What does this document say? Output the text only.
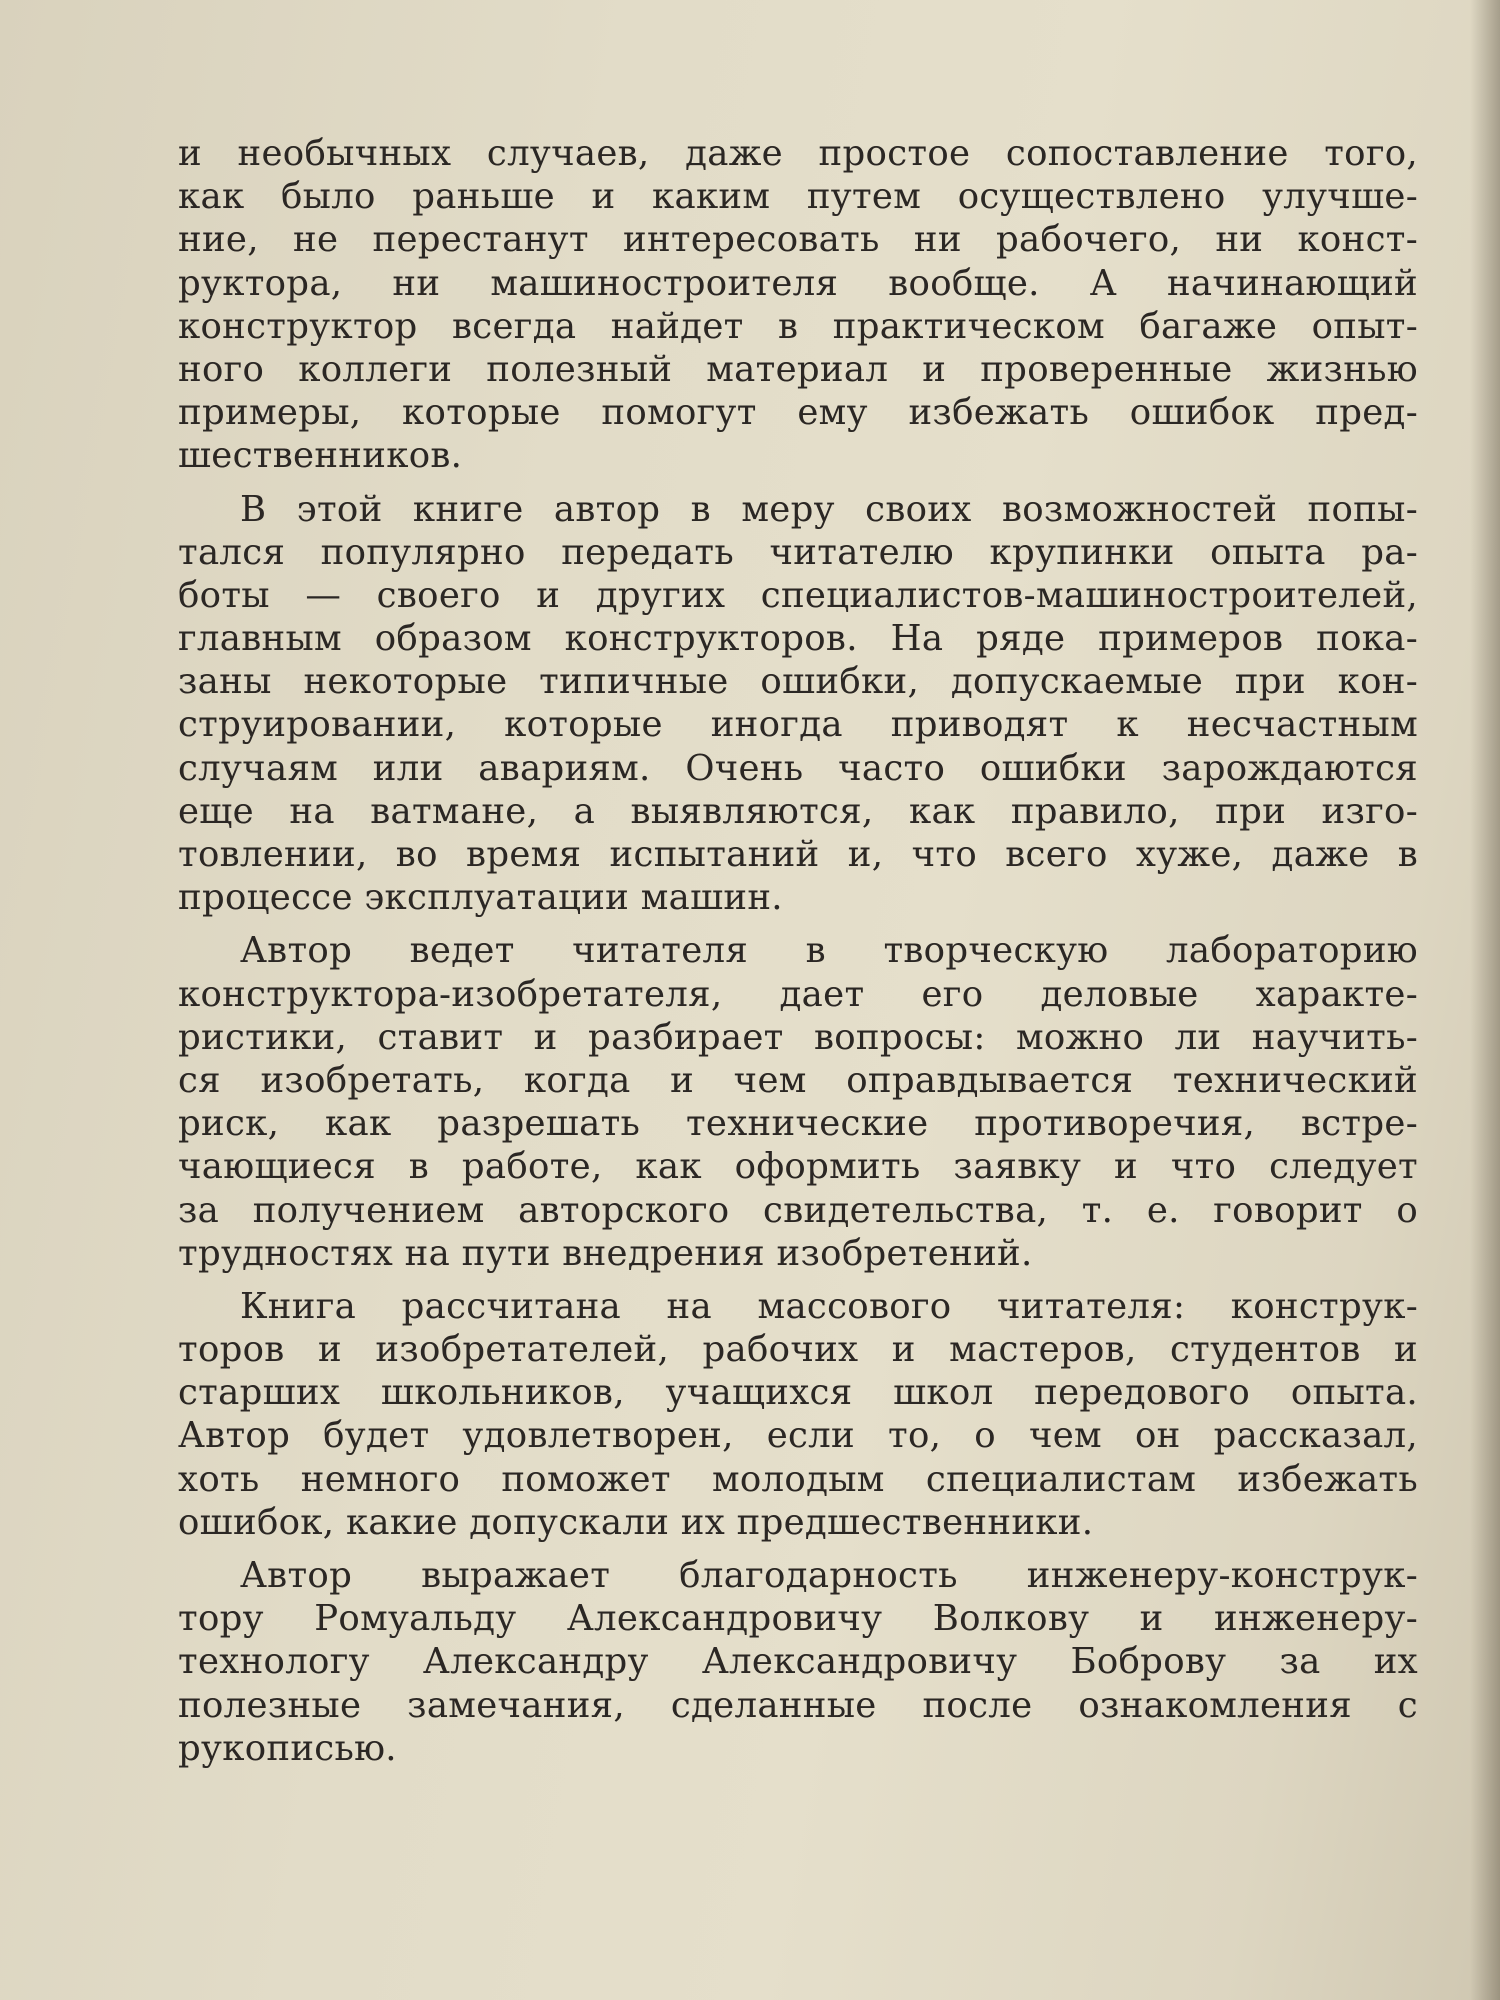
и необычных случаев, даже простое сопоставление того,
как было раньше и каким путем осуществлено улучше-
ние, не перестанут интересовать ни рабочего, ни конст-
руктора, ни машиностроителя вообще. А начинающий
конструктор всегда найдет в практическом багаже опыт-
ного коллеги полезный материал и проверенные жизнью
примеры, которые помогут ему избежать ошибок пред-
шественников.
В этой книге автор в меру своих возможностей попы-
тался популярно передать читателю крупинки опыта ра-
боты — своего и других специалистов-машиностроителей,
главным образом конструкторов. На ряде примеров пока-
заны некоторые типичные ошибки, допускаемые при кон-
струировании, которые иногда приводят к несчастным
случаям или авариям. Очень часто ошибки зарождаются
еще на ватмане, а выявляются, как правило, при изго-
товлении, во время испытаний и, что всего хуже, даже в
процессе эксплуатации машин.
Автор ведет читателя в творческую лабораторию
конструктора-изобретателя, дает его деловые характе-
ристики, ставит и разбирает вопросы: можно ли научить-
ся изобретать, когда и чем оправдывается технический
риск, как разрешать технические противоречия, встре-
чающиеся в работе, как оформить заявку и что следует
за получением авторского свидетельства, т. е. говорит о
трудностях на пути внедрения изобретений.
Книга рассчитана на массового читателя: конструк-
торов и изобретателей, рабочих и мастеров, студентов и
старших школьников, учащихся школ передового опыта.
Автор будет удовлетворен, если то, о чем он рассказал,
хоть немного поможет молодым специалистам избежать
ошибок, какие допускали их предшественники.
Автор выражает благодарность инженеру-конструк-
тору Ромуальду Александровичу Волкову и инженеру-
технологу Александру Александровичу Боброву за их
полезные замечания, сделанные после ознакомления с
рукописью.
